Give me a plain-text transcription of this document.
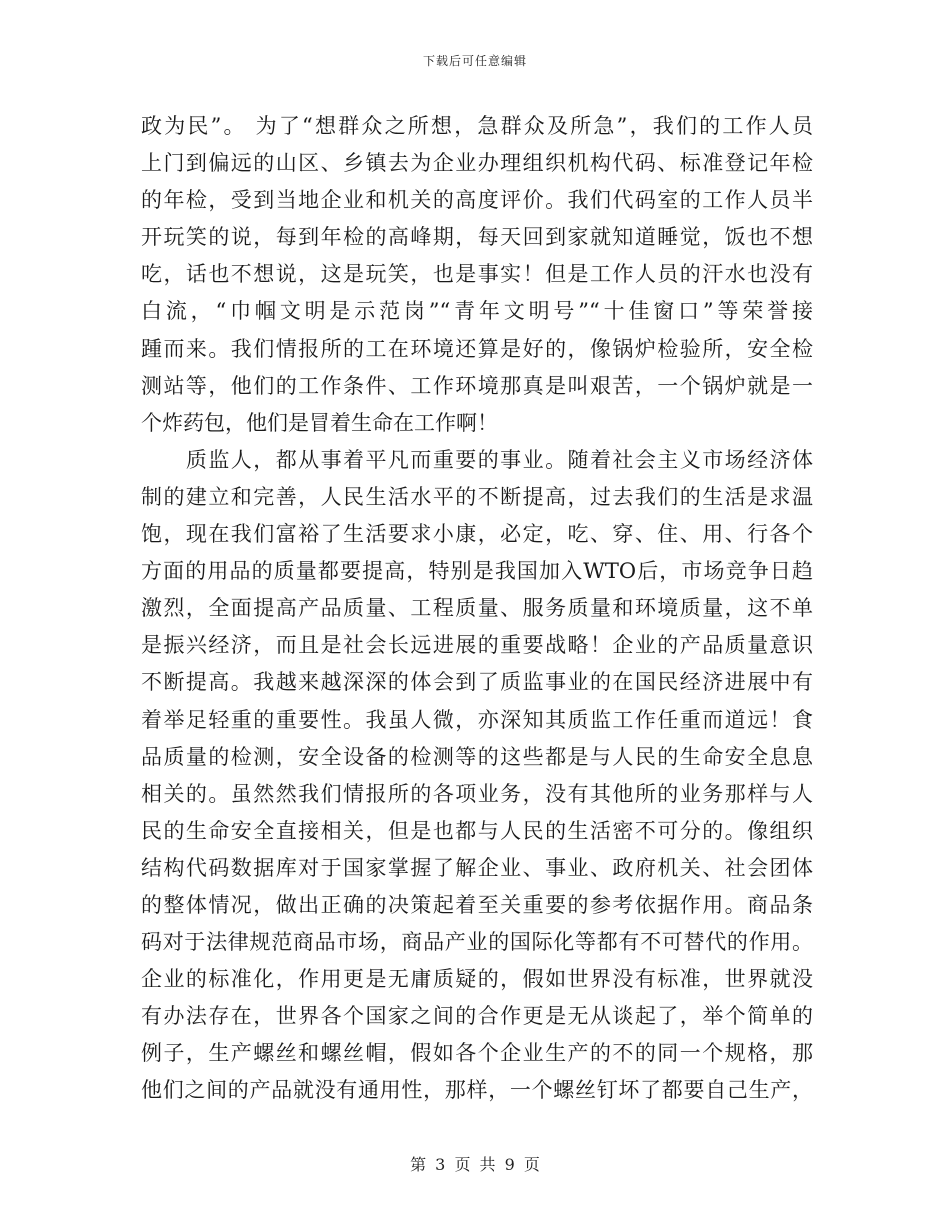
下载后可任意编辑
政为民”。 为了“想群众之所想，急群众及所急”，我们的工作人员
上门到偏远的山区、乡镇去为企业办理组织机构代码、标准登记年检
的年检，受到当地企业和机关的高度评价。我们代码室的工作人员半
开玩笑的说，每到年检的高峰期，每天回到家就知道睡觉，饭也不想
吃，话也不想说，这是玩笑，也是事实！但是工作人员的汗水也没有
白流，“巾帼文明是示范岗”“青年文明号”“十佳窗口”等荣誉接
踵而来。我们情报所的工在环境还算是好的，像锅炉检验所，安全检
测站等，他们的工作条件、工作环境那真是叫艰苦，一个锅炉就是一
个炸药包，他们是冒着生命在工作啊！
　　质监人，都从事着平凡而重要的事业。随着社会主义市场经济体
制的建立和完善，人民生活水平的不断提高，过去我们的生活是求温
饱，现在我们富裕了生活要求小康，必定，吃、穿、住、用、行各个
方面的用品的质量都要提高，特别是我国加入WTO后，市场竞争日趋
激烈，全面提高产品质量、工程质量、服务质量和环境质量，这不单
是振兴经济，而且是社会长远进展的重要战略！企业的产品质量意识
不断提高。我越来越深深的体会到了质监事业的在国民经济进展中有
着举足轻重的重要性。我虽人微，亦深知其质监工作任重而道远！食
品质量的检测，安全设备的检测等的这些都是与人民的生命安全息息
相关的。虽然然我们情报所的各项业务，没有其他所的业务那样与人
民的生命安全直接相关，但是也都与人民的生活密不可分的。像组织
结构代码数据库对于国家掌握了解企业、事业、政府机关、社会团体
的整体情况，做出正确的决策起着至关重要的参考依据作用。商品条
码对于法律规范商品市场，商品产业的国际化等都有不可替代的作用。
企业的标准化，作用更是无庸质疑的，假如世界没有标准，世界就没
有办法存在，世界各个国家之间的合作更是无从谈起了，举个简单的
例子，生产螺丝和螺丝帽，假如各个企业生产的不的同一个规格，那
他们之间的产品就没有通用性，那样，一个螺丝钉坏了都要自己生产，
第 3 页 共 9 页
